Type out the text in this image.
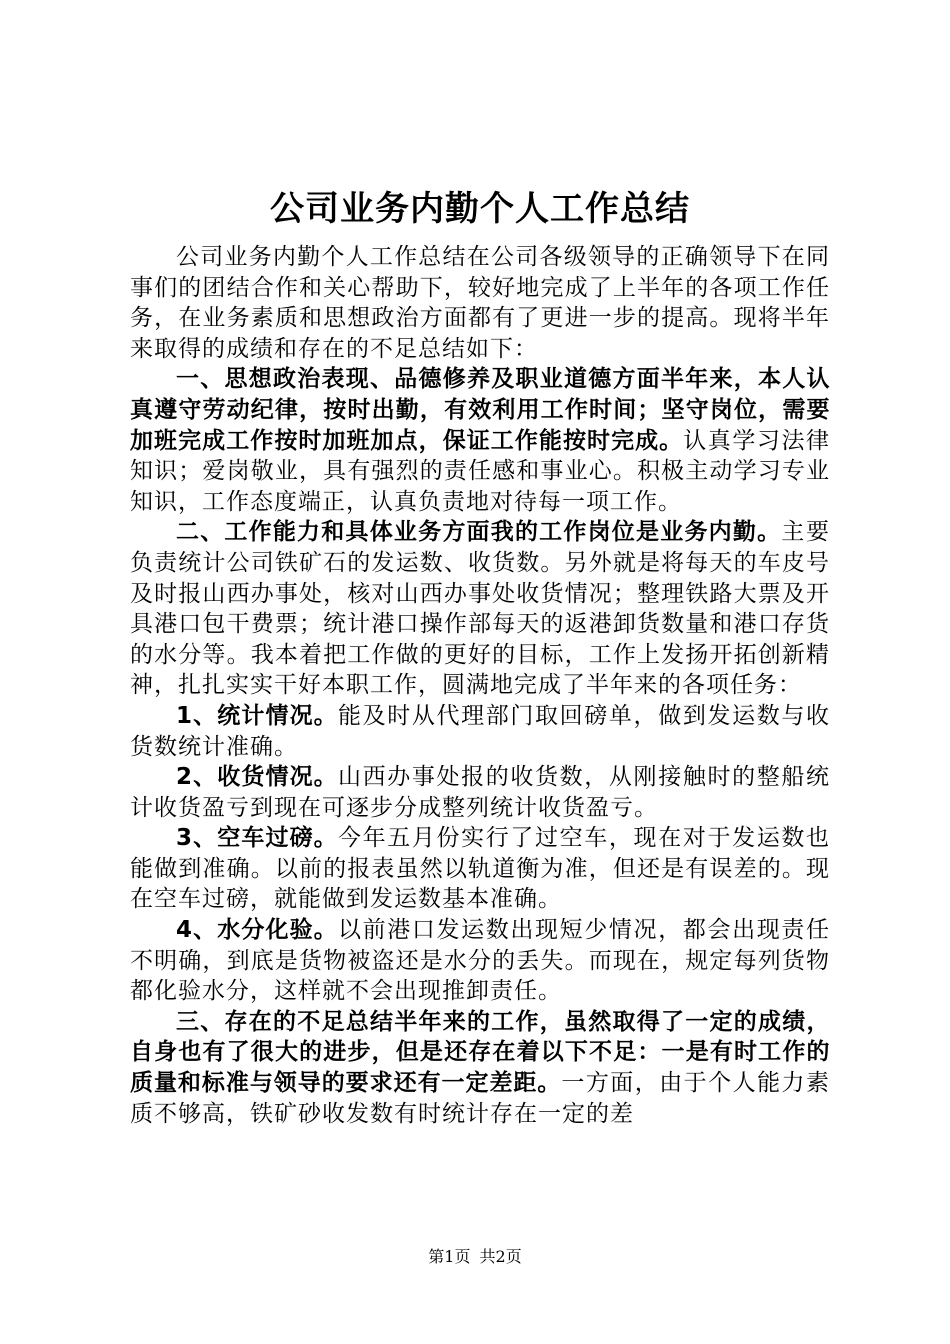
公司业务内勤个人工作总结

公司业务内勤个人工作总结在公司各级领导的正确领导下在同事们的团结合作和关心帮助下，较好地完成了上半年的各项工作任务，在业务素质和思想政治方面都有了更进一步的提高。现将半年来取得的成绩和存在的不足总结如下：

一、思想政治表现、品德修养及职业道德方面半年来，本人认真遵守劳动纪律，按时出勤，有效利用工作时间；坚守岗位，需要加班完成工作按时加班加点，保证工作能按时完成。认真学习法律知识；爱岗敬业，具有强烈的责任感和事业心。积极主动学习专业知识，工作态度端正，认真负责地对待每一项工作。

二、工作能力和具体业务方面我的工作岗位是业务内勤。主要负责统计公司铁矿石的发运数、收货数。另外就是将每天的车皮号及时报山西办事处，核对山西办事处收货情况；整理铁路大票及开具港口包干费票；统计港口操作部每天的返港卸货数量和港口存货的水分等。我本着把工作做的更好的目标，工作上发扬开拓创新精神，扎扎实实干好本职工作，圆满地完成了半年来的各项任务：

1、统计情况。能及时从代理部门取回磅单，做到发运数与收货数统计准确。

2、收货情况。山西办事处报的收货数，从刚接触时的整船统计收货盈亏到现在可逐步分成整列统计收货盈亏。

3、空车过磅。今年五月份实行了过空车，现在对于发运数也能做到准确。以前的报表虽然以轨道衡为准，但还是有误差的。现在空车过磅，就能做到发运数基本准确。

4、水分化验。以前港口发运数出现短少情况，都会出现责任不明确，到底是货物被盗还是水分的丢失。而现在，规定每列货物都化验水分，这样就不会出现推卸责任。

三、存在的不足总结半年来的工作，虽然取得了一定的成绩，自身也有了很大的进步，但是还存在着以下不足：一是有时工作的质量和标准与领导的要求还有一定差距。一方面，由于个人能力素质不够高，铁矿砂收发数有时统计存在一定的差

第1页 共2页
